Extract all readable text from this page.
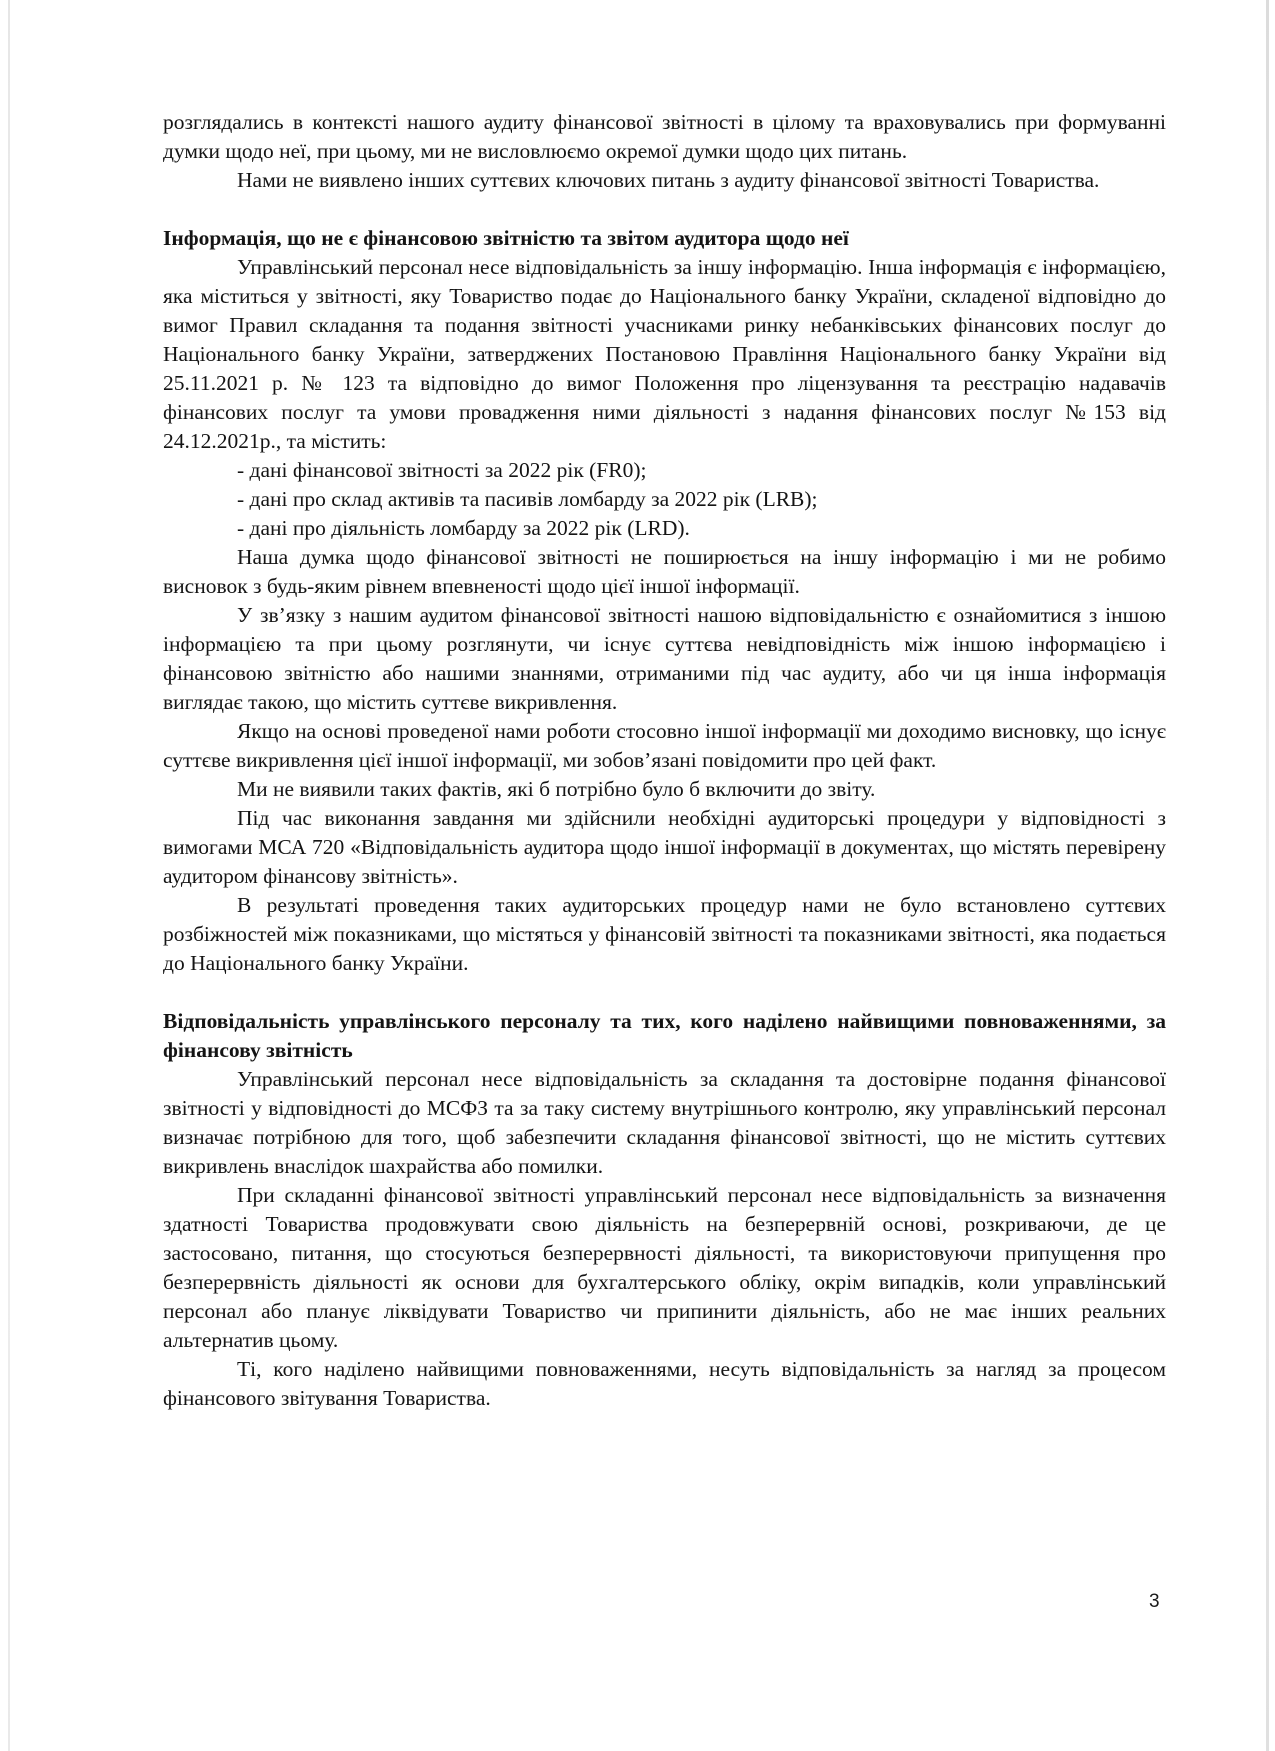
розглядались в контексті нашого аудиту фінансової звітності в цілому та враховувались при формуванні думки щодо неї, при цьому, ми не висловлюємо окремої думки щодо цих питань.

Нами не виявлено інших суттєвих ключових питань з аудиту фінансової звітності Товариства.

Інформація, що не є фінансовою звітністю та звітом аудитора щодо неї

Управлінський персонал несе відповідальність за іншу інформацію. Інша інформація є інформацією, яка міститься у звітності, яку Товариство подає до Національного банку України, складеної відповідно до вимог Правил складання та подання звітності учасниками ринку небанківських фінансових послуг до Національного банку України, затверджених Постановою Правління Національного банку України від 25.11.2021 р. № 123 та відповідно до вимог Положення про ліцензування та реєстрацію надавачів фінансових послуг та умови провадження ними діяльності з надання фінансових послуг №153 від 24.12.2021р., та містить:

- дані фінансової звітності за 2022 рік (FR0);

- дані про склад активів та пасивів ломбарду за 2022 рік (LRB);

- дані про діяльність ломбарду за 2022 рік (LRD).

Наша думка щодо фінансової звітності не поширюється на іншу інформацію і ми не робимо висновок з будь-яким рівнем впевненості щодо цієї іншої інформації.

У зв’язку з нашим аудитом фінансової звітності нашою відповідальністю є ознайомитися з іншою інформацією та при цьому розглянути, чи існує суттєва невідповідність між іншою інформацією і фінансовою звітністю або нашими знаннями, отриманими під час аудиту, або чи ця інша інформація виглядає такою, що містить суттєве викривлення.

Якщо на основі проведеної нами роботи стосовно іншої інформації ми доходимо висновку, що існує суттєве викривлення цієї іншої інформації, ми зобов’язані повідомити про цей факт.

Ми не виявили таких фактів, які б потрібно було б включити до звіту.

Під час виконання завдання ми здійснили необхідні аудиторські процедури у відповідності з вимогами МСА 720 «Відповідальність аудитора щодо іншої інформації в документах, що містять перевірену аудитором фінансову звітність».

В результаті проведення таких аудиторських процедур нами не було встановлено суттєвих розбіжностей між показниками, що містяться у фінансовій звітності та показниками звітності, яка подається до Національного банку України.

Відповідальність управлінського персоналу та тих, кого наділено найвищими повноваженнями, за фінансову звітність

Управлінський персонал несе відповідальність за складання та достовірне подання фінансової звітності у відповідності до МСФЗ та за таку систему внутрішнього контролю, яку управлінський персонал визначає потрібною для того, щоб забезпечити складання фінансової звітності, що не містить суттєвих викривлень внаслідок шахрайства або помилки.

При складанні фінансової звітності управлінський персонал несе відповідальність за визначення здатності Товариства продовжувати свою діяльність на безперервній основі, розкриваючи, де це застосовано, питання, що стосуються безперервності діяльності, та використовуючи припущення про безперервність діяльності як основи для бухгалтерського обліку, окрім випадків, коли управлінський персонал або планує ліквідувати Товариство чи припинити діяльність, або не має інших реальних альтернатив цьому.

Ті, кого наділено найвищими повноваженнями, несуть відповідальність за нагляд за процесом фінансового звітування Товариства.

3
